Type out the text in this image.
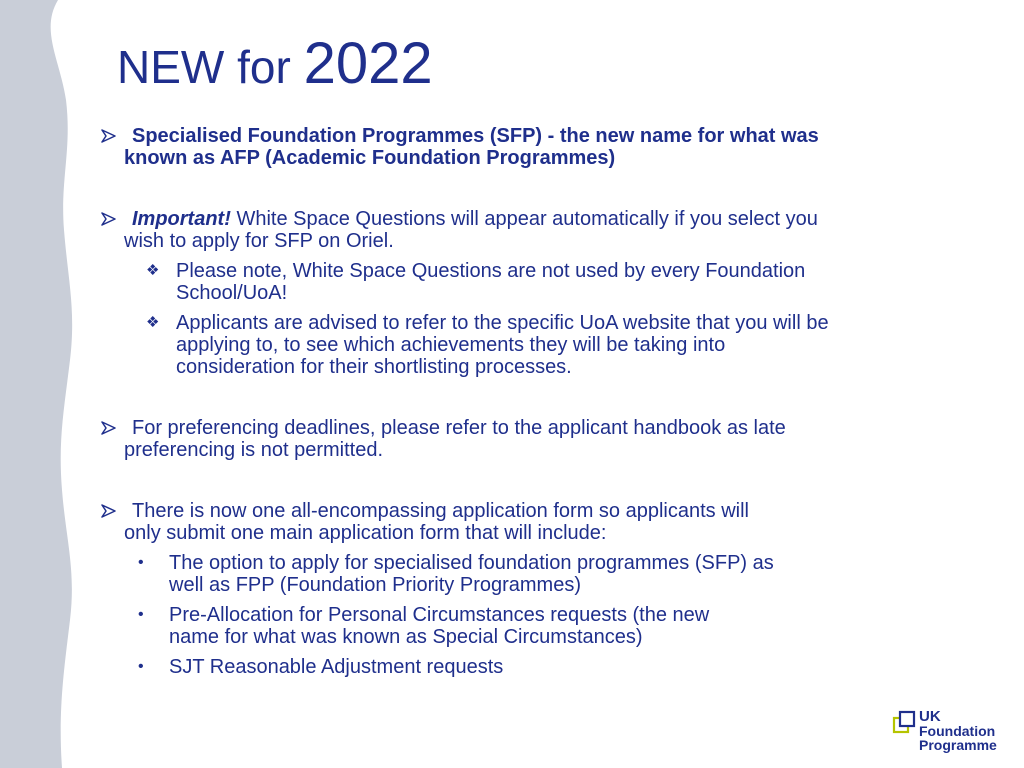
NEW for 2022
Specialised Foundation Programmes (SFP) - the new name for what was
known as AFP (Academic Foundation Programmes)
Important! White Space Questions will appear automatically if you select you
wish to apply for SFP on Oriel.
❖ Please note, White Space Questions are not used by every Foundation
School/UoA!
❖ Applicants are advised to refer to the specific UoA website that you will be
applying to, to see which achievements they will be taking into
consideration for their shortlisting processes.
For preferencing deadlines, please refer to the applicant handbook as late
preferencing is not permitted.
There is now one all-encompassing application form so applicants will
only submit one main application form that will include:
• The option to apply for specialised foundation programmes (SFP) as
well as FPP (Foundation Priority Programmes)
• Pre-Allocation for Personal Circumstances requests (the new
name for what was known as Special Circumstances)
• SJT Reasonable Adjustment requests
UK
Foundation
Programme
